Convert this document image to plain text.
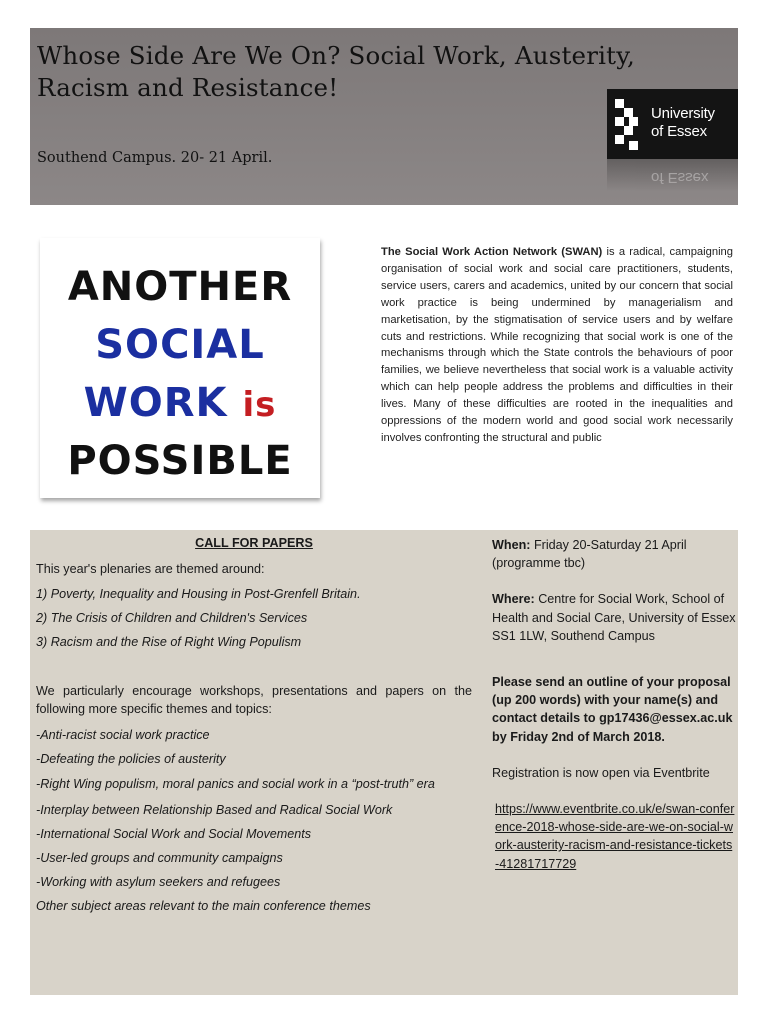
Whose Side Are We On? Social Work, Austerity,
Racism and Resistance!

Southend Campus. 20- 21 April.

University
of Essex
of Essex
ANOTHER
SOCIAL
WORK is
POSSIBLE

The Social Work Action Network (SWAN) is a radical, campaigning organisation of social work and social care practitioners, students, service users, carers and academics, united by our concern that social work practice is being undermined by managerialism and marketisation, by the stigmatisation of service users and by welfare cuts and restrictions. While recognizing that social work is one of the mechanisms through which the State controls the behaviours of poor families, we believe nevertheless that social work is a valuable activity which can help people address the problems and difficulties in their lives. Many of these difficulties are rooted in the inequalities and oppressions of the modern world and good social work necessarily involves confronting the structural and public

CALL FOR PAPERS

This year's plenaries are themed around:

1) Poverty, Inequality and Housing in Post-Grenfell Britain.

2) The Crisis of Children and Children's Services

3) Racism and the Rise of Right Wing Populism

We particularly encourage workshops, presentations and papers on the following more specific themes and topics:

-Anti-racist social work practice

-Defeating the policies of austerity

-Right Wing populism, moral panics and social work in a “post-truth” era

-Interplay between Relationship Based and Radical Social Work

-International Social Work and Social Movements

-User-led groups and community campaigns

-Working with asylum seekers and refugees

Other subject areas relevant to the main conference themes

When: Friday 20-Saturday 21 April (programme tbc)

Where: Centre for Social Work, School of Health and Social Care, University of Essex SS1 1LW, Southend Campus

Please send an outline of your proposal (up 200 words) with your name(s) and contact details to gp17436@essex.ac.uk by Friday 2nd of March 2018.

Registration is now open via Eventbrite

https://www.eventbrite.co.uk/e/swan-conference-2018-whose-side-are-we-on-social-work-austerity-racism-and-resistance-tickets-41281717729
